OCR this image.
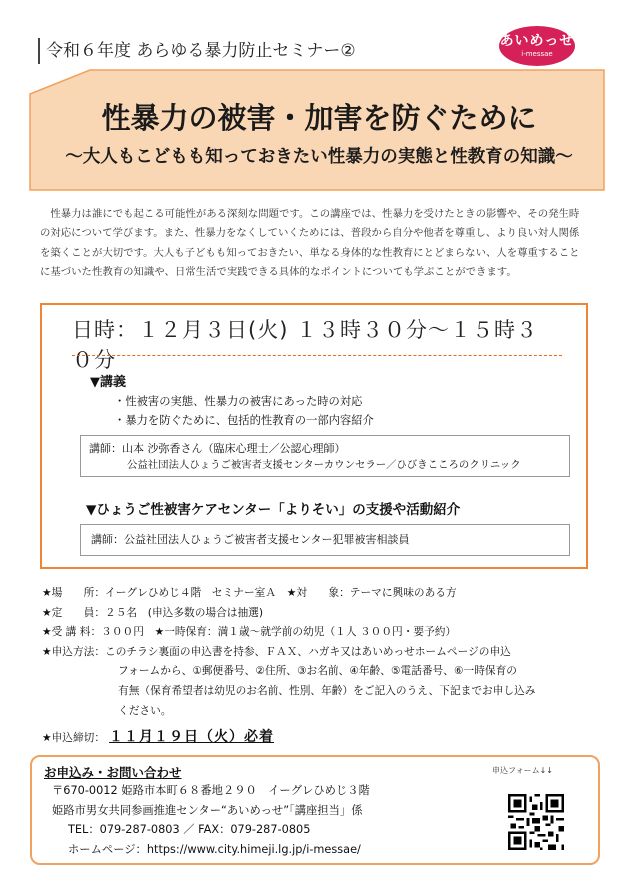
令和６年度 あらゆる暴力防止セミナー②	あいめっせ
i-messae
性暴力の被害・加害を防ぐために
～大人もこどもも知っておきたい性暴力の実態と性教育の知識～

性暴力は誰にでも起こる可能性がある深刻な問題です。この講座では、性暴力を受けたときの影響や、その発生時の対応について学びます。また、性暴力をなくしていくためには、普段から自分や他者を尊重し、より良い対人関係を築くことが大切です。大人も子どもも知っておきたい、単なる身体的な性教育にとどまらない、人を尊重することに基づいた性教育の知識や、日常生活で実践できる具体的なポイントについても学ぶことができます。

日時：１２月３日(火) １３時３０分～１５時３０分
▼講義
・ 性被害の実態、性暴力の被害にあった時の対応
・ 暴力を防ぐために、包括的性教育の一部内容紹介
講師：山本 沙弥香さん（臨床心理士／公認心理師）
公益社団法人ひょうご被害者支援センターカウンセラー／ひびきこころのクリニック
▼ひょうご性被害ケアセンター「よりそい」の支援や活動紹介
講師：公益社団法人ひょうご被害者支援センター犯罪被害相談員
★場　　所：イーグレひめじ４階　セミナー室Ａ　 ★対　　象：テーマに興味のある方
★定　　員：２５名　(申込多数の場合は抽選)
★受 講 料：３００円　 ★一時保育：満１歳～就学前の幼児（１人 ３００円・要予約）
★申込方法：このチラシ裏面の申込書を持参、ＦＡＸ、ハガキ又はあいめっせホームページの申込
フォームから、①郵便番号、②住所、③お名前、④年齢、⑤電話番号、⑥一時保育の
有無（保育希望者は幼児のお名前、性別、年齢）をご記入のうえ、下記までお申し込み
ください。
★申込締切： １１月１９日（火）必着
お申込み・お問い合わせ
〒670-0012 姫路市本町６８番地２９０　イーグレひめじ３階
姫路市男女共同参画推進センター“あいめっせ”「講座担当」係
TEL：079-287-0803 ／ FAX：079-287-0805
ホームページ：https://www.city.himeji.lg.jp/i-messae/
申込フォーム↓↓
